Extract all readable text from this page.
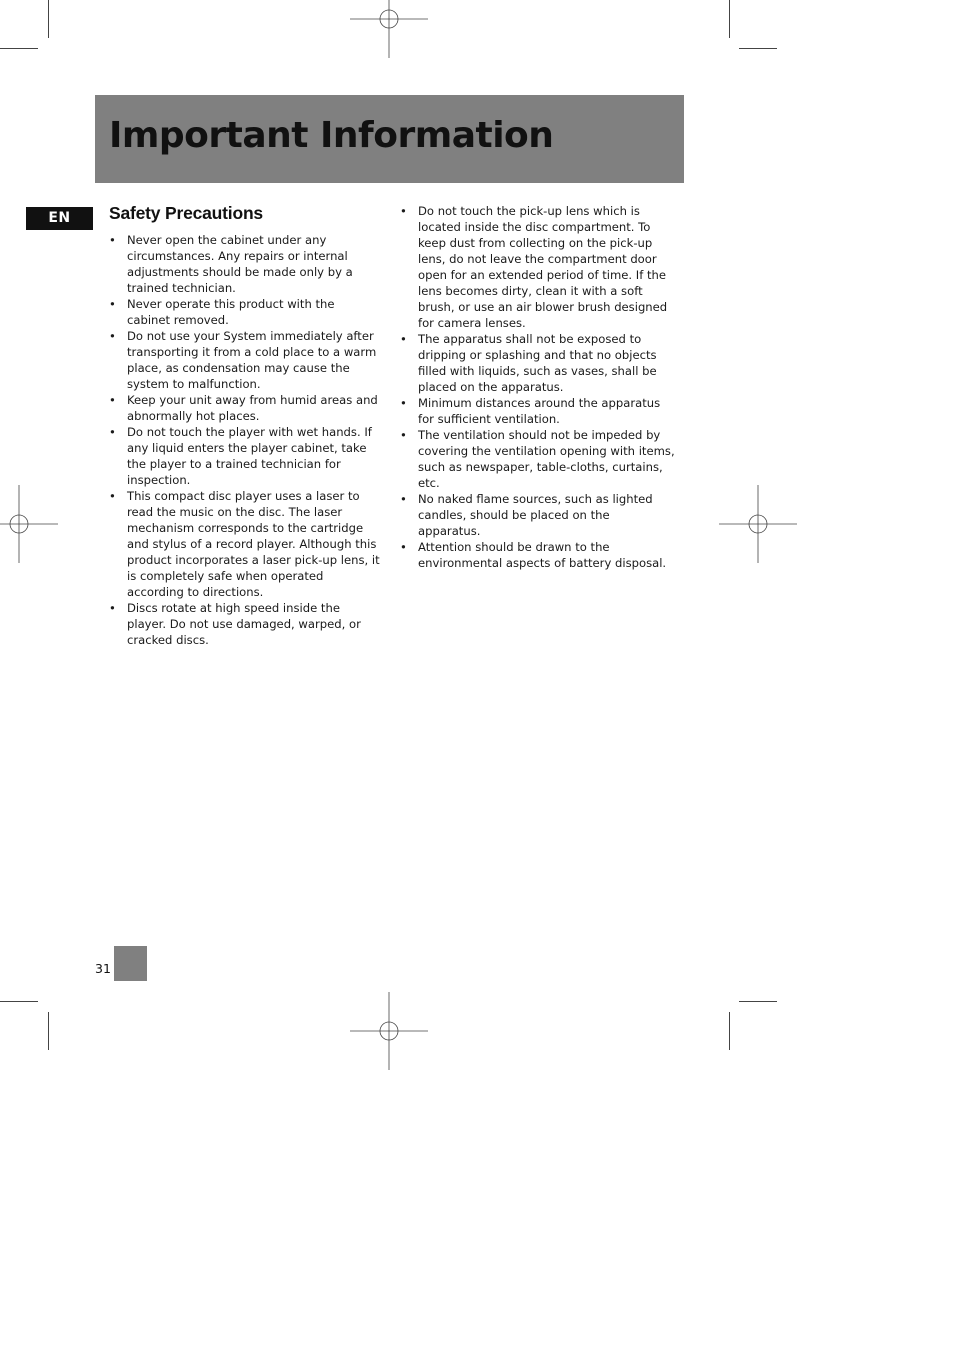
Important Information
EN	Safety Precautions
• Never open the cabinet under any circumstances. Any repairs or internal adjustments should be made only by a trained technician.
• Never operate this product with the cabinet removed.
• Do not use your System immediately after transporting it from a cold place to a warm place, as condensation may cause the system to malfunction.
• Keep your unit away from humid areas and abnormally hot places.
• Do not touch the player with wet hands. If any liquid enters the player cabinet, take the player to a trained technician for inspection.
• This compact disc player uses a laser to read the music on the disc. The laser mechanism corresponds to the cartridge and stylus of a record player. Although this product incorporates a laser pick-up lens, it is completely safe when operated according to directions.
• Discs rotate at high speed inside the player. Do not use damaged, warped, or cracked discs.
• Do not touch the pick-up lens which is located inside the disc compartment. To keep dust from collecting on the pick-up lens, do not leave the compartment door open for an extended period of time. If the lens becomes dirty, clean it with a soft brush, or use an air blower brush designed for camera lenses.
• The apparatus shall not be exposed to dripping or splashing and that no objects filled with liquids, such as vases, shall be placed on the apparatus.
• Minimum distances around the apparatus for sufficient ventilation.
• The ventilation should not be impeded by covering the ventilation opening with items, such as newspaper, table-cloths, curtains, etc.
• No naked flame sources, such as lighted candles, should be placed on the apparatus.
• Attention should be drawn to the environmental aspects of battery disposal.
31
